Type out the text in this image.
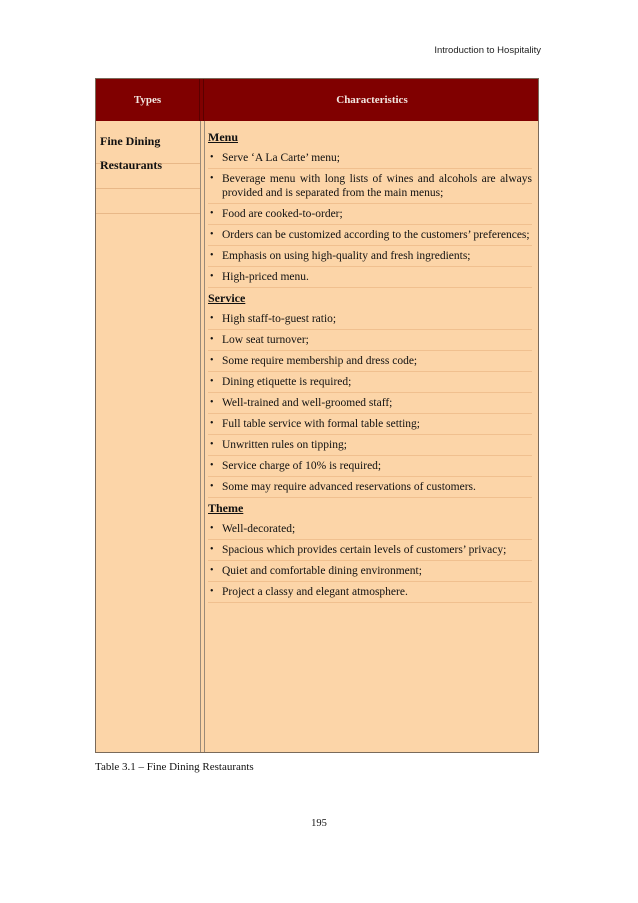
Introduction to Hospitality
Types	Characteristics
Fine Dining
Restaurants
Menu
• Serve ‘A La Carte’ menu;
• Beverage menu with long lists of wines and alcohols are always provided and is separated from the main menus;
• Food are cooked-to-order;
• Orders can be customized according to the customers’ preferences;
• Emphasis on using high-quality and fresh ingredients;
• High-priced menu.
Service
• High staff-to-guest ratio;
• Low seat turnover;
• Some require membership and dress code;
• Dining etiquette is required;
• Well-trained and well-groomed staff;
• Full table service with formal table setting;
• Unwritten rules on tipping;
• Service charge of 10% is required;
• Some may require advanced reservations of customers.
Theme
• Well-decorated;
• Spacious which provides certain levels of customers’ privacy;
• Quiet and comfortable dining environment;
• Project a classy and elegant atmosphere.
Table 3.1 – Fine Dining Restaurants
195
